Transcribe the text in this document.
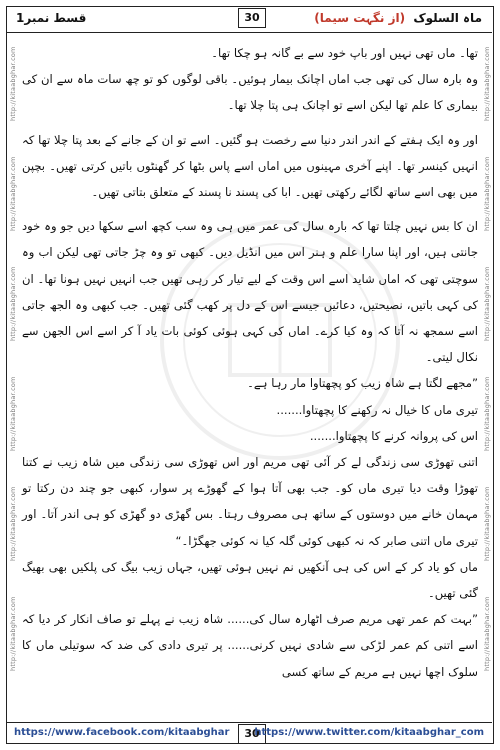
قسط نمبر1	ماہ السلوک (از نگہت سیما)
30
http://kitaabghar.com
http://kitaabghar.com
http://kitaabghar.com
http://kitaabghar.com
http://kitaabghar.com
http://kitaabghar.com
http://kitaabghar.com
http://kitaabghar.com
http://kitaabghar.com
http://kitaabghar.com
http://kitaabghar.com
http://kitaabghar.com

تھا۔ ماں تھی نہیں اور باپ خود سے بے گانہ ہو چکا تھا۔

وہ بارہ سال کی تھی جب اماں اچانک بیمار ہوئیں۔ باقی لوگوں کو تو چھ سات ماہ سے ان کی بیماری کا علم تھا لیکن اسے تو اچانک ہی پتا چلا تھا۔

اور وہ ایک ہفتے کے اندر اندر دنیا سے رخصت ہو گئیں۔ اسے تو ان کے جانے کے بعد پتا چلا تھا کہ انہیں کینسر تھا۔ اپنے آخری مہینوں میں اماں اسے پاس بٹھا کر گھنٹوں باتیں کرتی تھیں۔ بچپن میں بھی اسے ساتھ لگائے رکھتی تھیں۔ ابا کی پسند نا پسند کے متعلق بتاتی تھیں۔

ان کا بس نہیں چلتا تھا کہ بارہ سال کی عمر میں ہی وہ سب کچھ اسے سکھا دیں جو وہ خود جانتی ہیں، اور اپنا سارا علم و ہنر اس میں انڈیل دیں۔ کبھی تو وہ چڑ جاتی تھی لیکن اب وہ سوچتی تھی کہ اماں شاید اسے اس وقت کے لیے تیار کر رہی تھیں جب انہیں نہیں ہونا تھا۔ ان کی کہی باتیں، نصیحتیں، دعائیں جیسے اس کے دل پر کھب گئی تھیں۔ جب کبھی وہ الجھ جاتی اسے سمجھ نہ آتا کہ وہ کیا کرے۔ اماں کی کہی ہوئی کوئی بات یاد آ کر اسے اس الجھن سے نکال لیتی۔

”مجھے لگتا ہے شاہ زیب کو پچھتاوا مار رہا ہے۔

تیری ماں کا خیال نہ رکھنے کا پچھتاوا.......

اس کی پروانہ کرنے کا پچھتاوا.......

اتنی تھوڑی سی زندگی لے کر آئی تھی مریم اور اس تھوڑی سی زندگی میں شاہ زیب نے کتنا تھوڑا وقت دیا تیری ماں کو۔ جب بھی آتا ہوا کے گھوڑے پر سوار، کبھی جو چند دن رکتا تو مہمان خانے میں دوستوں کے ساتھ ہی مصروف رہتا۔ بس گھڑی دو گھڑی کو ہی اندر آتا۔ اور تیری ماں اتنی صابر کہ نہ کبھی کوئی گلہ کیا نہ کوئی جھگڑا۔“

ماں کو یاد کر کے اس کی ہی آنکھیں نم نہیں ہوئی تھیں، جہاں زیب بیگ کی پلکیں بھی بھیگ گئی تھیں۔

”بہت کم عمر تھی مریم صرف اٹھارہ سال کی...... شاہ زیب نے پہلے تو صاف انکار کر دیا کہ اسے اتنی کم عمر لڑکی سے شادی نہیں کرنی...... پر تیری دادی کی ضد کہ سوتیلی ماں کا سلوک اچھا نہیں ہے مریم کے ساتھ کسی

https://www.facebook.com/kitaabghar	30
https://www.twitter.com/kitaabghar_com
